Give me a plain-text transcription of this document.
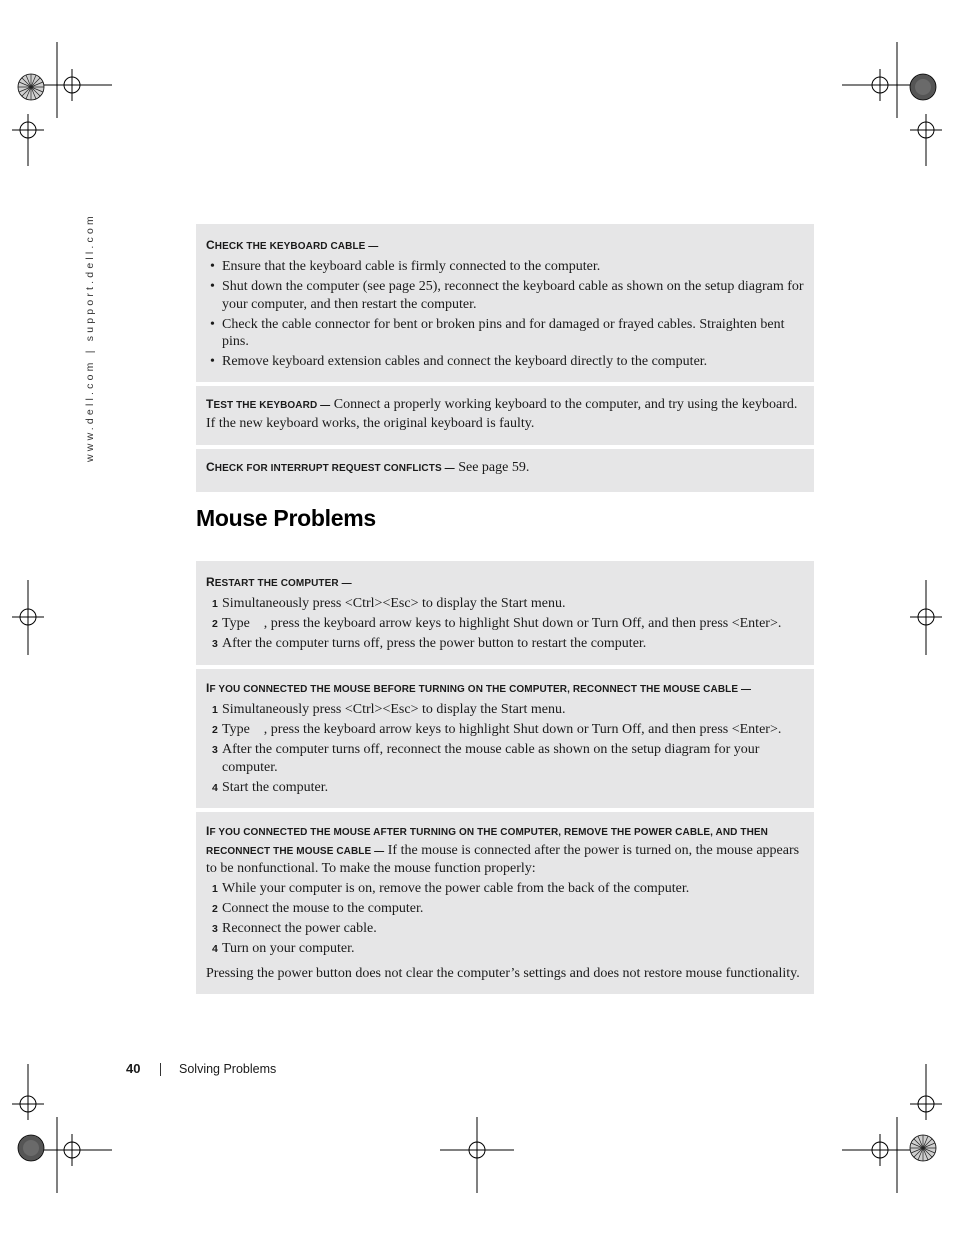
www.dell.com | support.dell.com	CHECK THE KEYBOARD CABLE —
• Ensure that the keyboard cable is firmly connected to the computer.
• Shut down the computer (see page 25), reconnect the keyboard cable as shown on the setup diagram for your computer, and then restart the computer.
• Check the cable connector for bent or broken pins and for damaged or frayed cables. Straighten bent pins.
• Remove keyboard extension cables and connect the keyboard directly to the computer.
TEST THE KEYBOARD — Connect a properly working keyboard to the computer, and try using the keyboard. If the new keyboard works, the original keyboard is faulty.
CHECK FOR INTERRUPT REQUEST CONFLICTS — See page 59.
Mouse Problems
RESTART THE COMPUTER —
1 Simultaneously press <Ctrl><Esc> to display the Start menu.
2 Type    , press the keyboard arrow keys to highlight Shut down or Turn Off, and then press <Enter>.
3 After the computer turns off, press the power button to restart the computer.
IF YOU CONNECTED THE MOUSE BEFORE TURNING ON THE COMPUTER, RECONNECT THE MOUSE CABLE —
1 Simultaneously press <Ctrl><Esc> to display the Start menu.
2 Type    , press the keyboard arrow keys to highlight Shut down or Turn Off, and then press <Enter>.
3 After the computer turns off, reconnect the mouse cable as shown on the setup diagram for your computer.
4 Start the computer.
IF YOU CONNECTED THE MOUSE AFTER TURNING ON THE COMPUTER, REMOVE THE POWER CABLE, AND THEN RECONNECT THE MOUSE CABLE — If the mouse is connected after the power is turned on, the mouse appears to be nonfunctional. To make the mouse function properly:
1 While your computer is on, remove the power cable from the back of the computer.
2 Connect the mouse to the computer.
3 Reconnect the power cable.
4 Turn on your computer.
Pressing the power button does not clear the computer’s settings and does not restore mouse functionality.
40	Solving Problems
